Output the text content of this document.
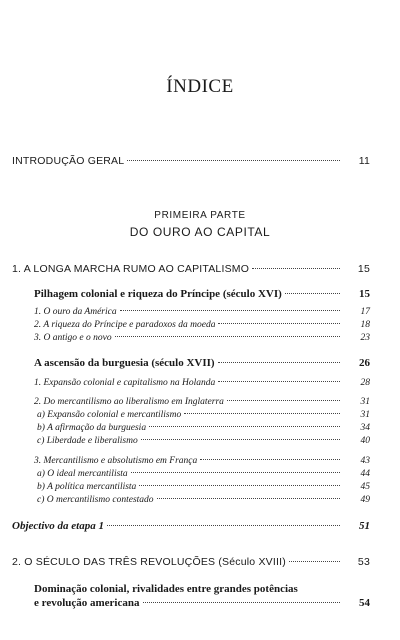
ÍNDICE
INTRODUÇÃO GERAL	11
PRIMEIRA PARTE
DO OURO AO CAPITAL
1. A LONGA MARCHA RUMO AO CAPITALISMO	15
Pilhagem colonial e riqueza do Príncipe (século XVI)	15
1. O ouro da América	17
2. A riqueza do Príncipe e paradoxos da moeda	18
3. O antigo e o novo	23
A ascensão da burguesia (século XVII)	26
1. Expansão colonial e capitalismo na Holanda	28
2. Do mercantilismo ao liberalismo em Inglaterra	31
a) Expansão colonial e mercantilismo	31
b) A afirmação da burguesia	34
c) Liberdade e liberalismo	40
3. Mercantilismo e absolutismo em França	43
a) O ideal mercantilista	44
b) A política mercantilista	45
c) O mercantilismo contestado	49
Objectivo da etapa 1	51
2. O SÉCULO DAS TRÊS REVOLUÇÕES (Século XVIII)	53
Dominação colonial, rivalidades entre grandes potências
e revolução americana	54
